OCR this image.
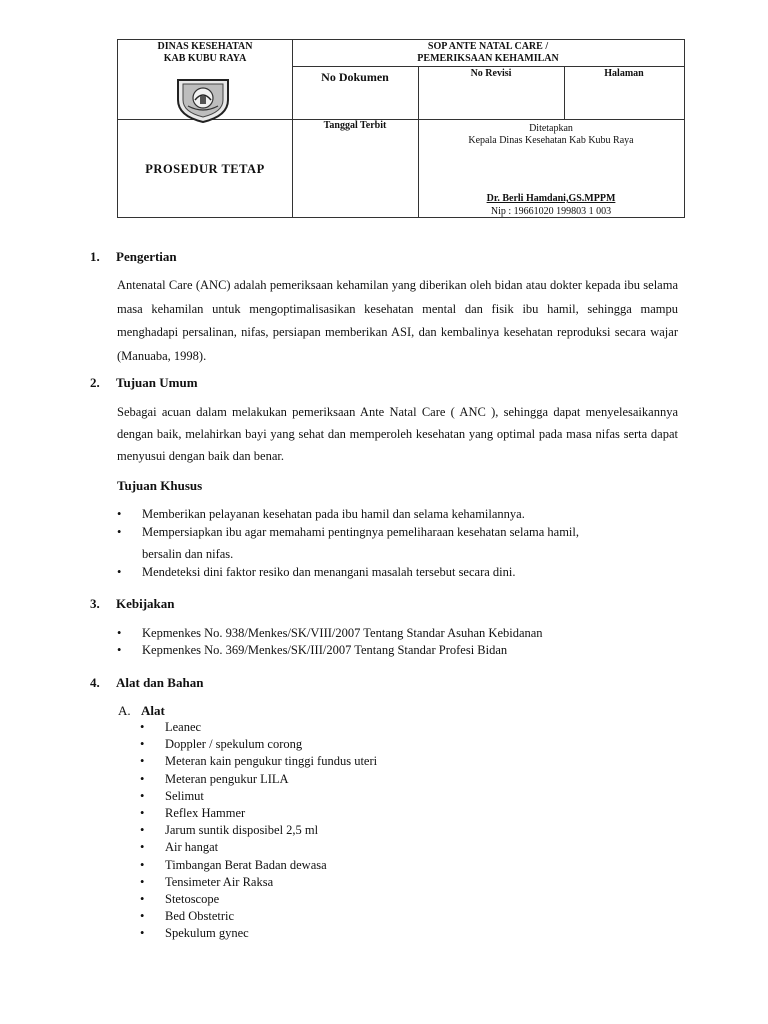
DINAS KESEHATAN
KAB KUBU RAYA
SOP ANTE NATAL CARE /
PEMERIKSAAN KEHAMILAN
No Dokumen	No Revisi	Halaman
PROSEDUR TETAP
Tanggal Terbit	Ditetapkan
Kepala Dinas Kesehatan Kab Kubu Raya
Dr. Berli Hamdani,GS.MPPM
Nip : 19661020 199803 1 003
1. Pengertian
Antenatal Care (ANC) adalah pemeriksaan kehamilan yang diberikan oleh bidan atau dokter kepada ibu selama masa kehamilan untuk mengoptimalisasikan kesehatan mental dan fisik ibu hamil, sehingga mampu menghadapi persalinan, nifas, persiapan memberikan ASI, dan kembalinya kesehatan reproduksi secara wajar (Manuaba, 1998).
2. Tujuan Umum
Sebagai acuan dalam melakukan pemeriksaan Ante Natal Care ( ANC ), sehingga dapat menyelesaikannya dengan baik, melahirkan bayi yang sehat dan memperoleh kesehatan yang optimal pada masa nifas serta dapat menyusui dengan baik dan benar.
Tujuan Khusus
• Memberikan pelayanan kesehatan pada ibu hamil dan selama kehamilannya.
• Mempersiapkan ibu agar memahami pentingnya pemeliharaan kesehatan selama hamil,
bersalin dan nifas.
• Mendeteksi dini faktor resiko dan menangani masalah tersebut secara dini.
3. Kebijakan
• Kepmenkes No. 938/Menkes/SK/VIII/2007 Tentang Standar Asuhan Kebidanan
• Kepmenkes No. 369/Menkes/SK/III/2007 Tentang Standar Profesi Bidan
4. Alat dan Bahan
A. Alat
• Leanec
• Doppler / spekulum corong
• Meteran kain pengukur tinggi fundus uteri
• Meteran pengukur LILA
• Selimut
• Reflex Hammer
• Jarum suntik disposibel 2,5 ml
• Air hangat
• Timbangan Berat Badan dewasa
• Tensimeter Air Raksa
• Stetoscope
• Bed Obstetric
• Spekulum gynec
